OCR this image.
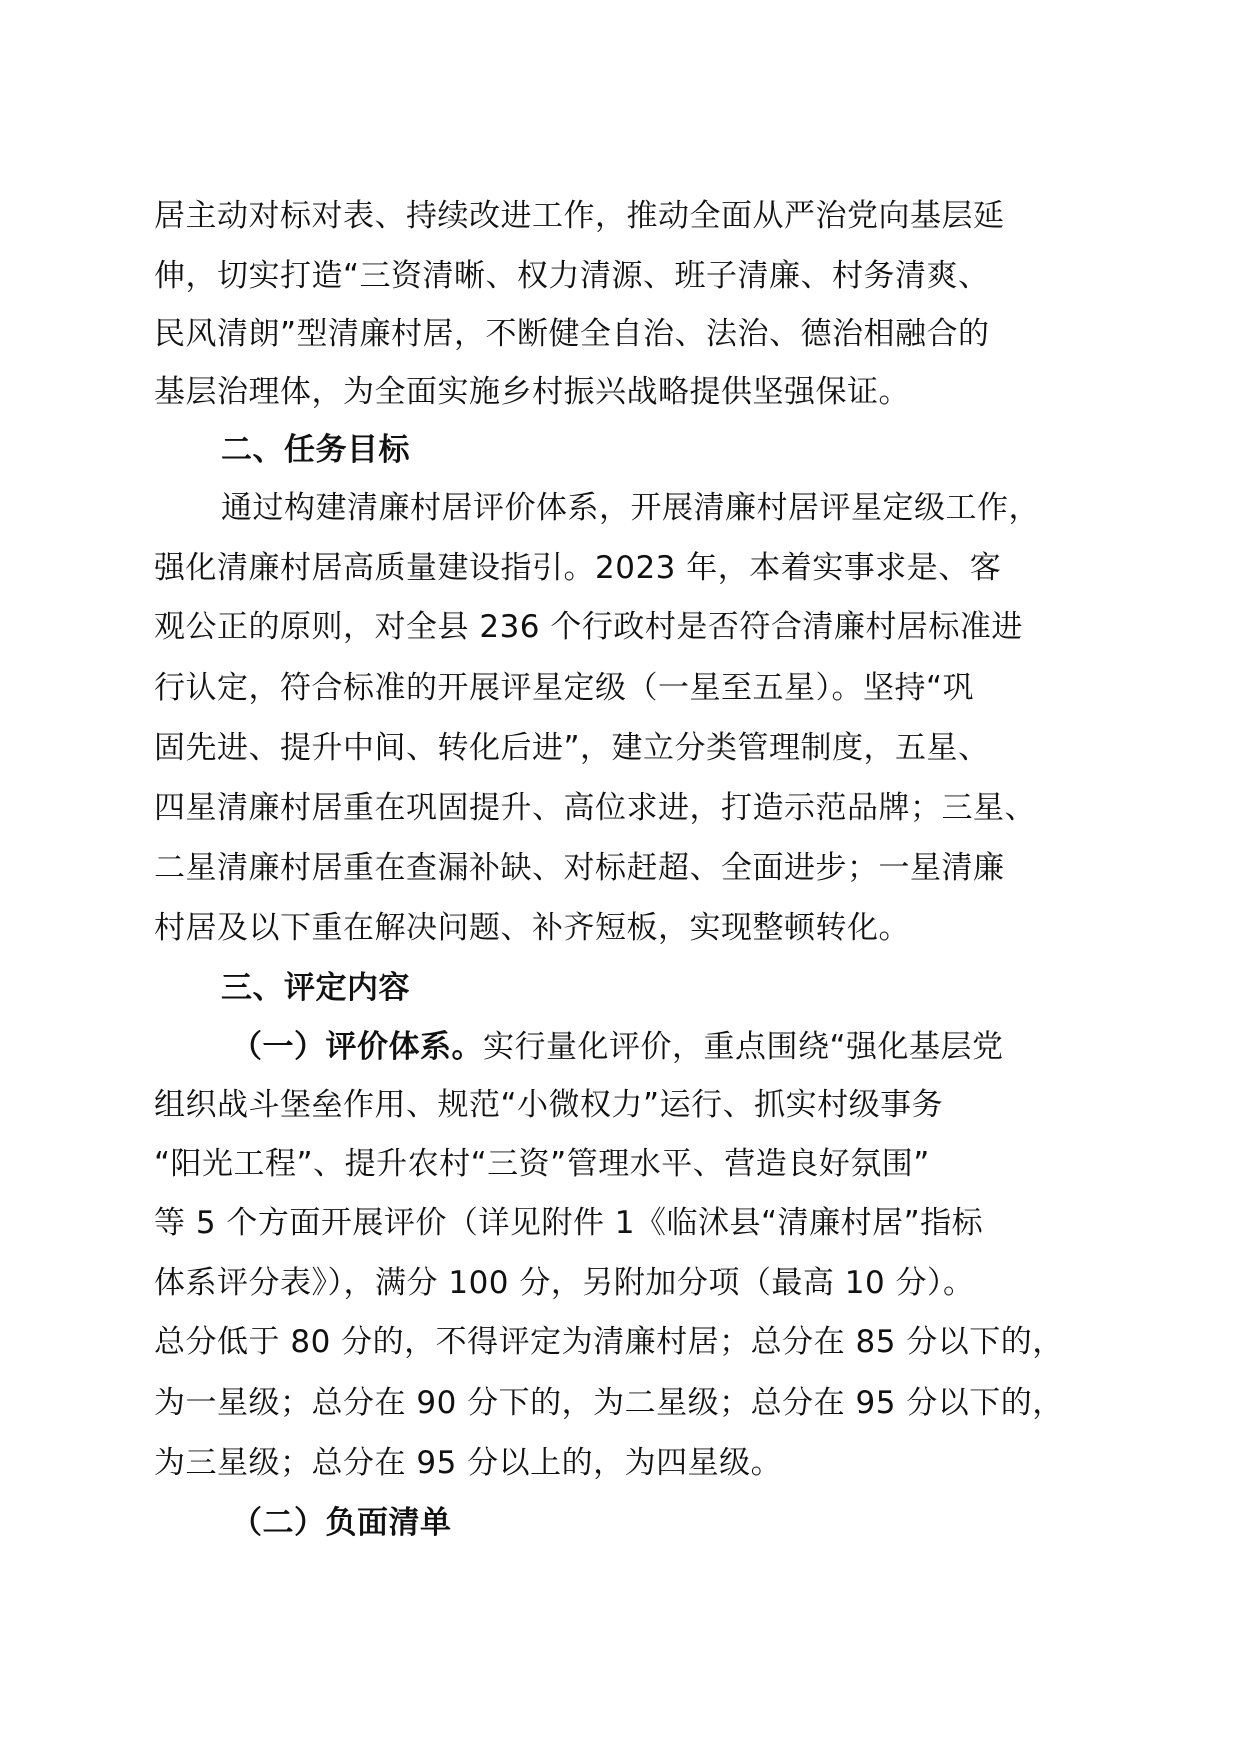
居主动对标对表、持续改进工作，推动全面从严治党向基层延
伸，切实打造“三资清晰、权力清源、班子清廉、村务清爽、
民风清朗”型清廉村居，不断健全自治、法治、德治相融合的
基层治理体，为全面实施乡村振兴战略提供坚强保证。
二、任务目标
通过构建清廉村居评价体系，开展清廉村居评星定级工作，
强化清廉村居高质量建设指引。2023 年，本着实事求是、客
观公正的原则，对全县 236 个行政村是否符合清廉村居标准进
行认定，符合标准的开展评星定级（一星至五星）。坚持“巩
固先进、提升中间、转化后进”，建立分类管理制度，五星、
四星清廉村居重在巩固提升、高位求进，打造示范品牌；三星、
二星清廉村居重在查漏补缺、对标赶超、全面进步；一星清廉
村居及以下重在解决问题、补齐短板，实现整顿转化。
三、评定内容
（一）评价体系。实行量化评价，重点围绕“强化基层党
组织战斗堡垒作用、规范“小微权力”运行、抓实村级事务
“阳光工程”、提升农村“三资”管理水平、营造良好氛围”
等 5 个方面开展评价（详见附件 1《临沭县“清廉村居”指标
体系评分表》），满分 100 分，另附加分项（最高 10 分）。
总分低于 80 分的，不得评定为清廉村居；总分在 85 分以下的，
为一星级；总分在 90 分下的，为二星级；总分在 95 分以下的，
为三星级；总分在 95 分以上的，为四星级。
（二）负面清单
